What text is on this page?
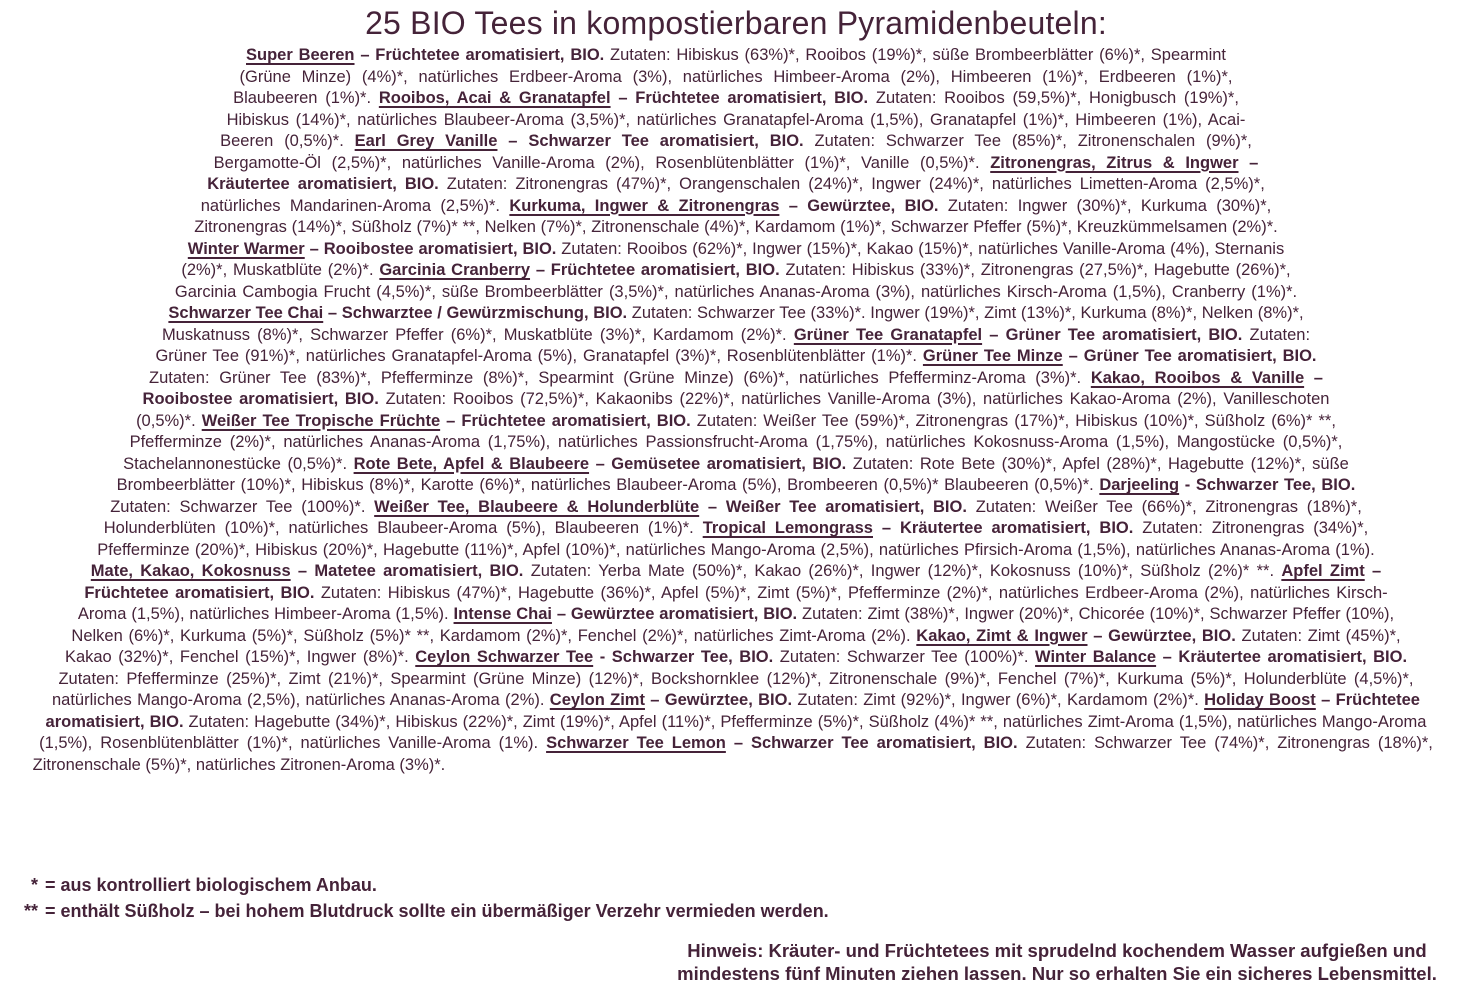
25 BIO Tees in kompostierbaren Pyramidenbeuteln:

Super Beeren – Früchtetee aromatisiert, BIO. Zutaten: Hibiskus (63%)*, Rooibos (19%)*, süße Brombeerblätter (6%)*, Spearmint (Grüne Minze) (4%)*, natürliches Erdbeer-Aroma (3%), natürliches Himbeer-Aroma (2%), Himbeeren (1%)*, Erdbeeren (1%)*, Blaubeeren (1%)*. Rooibos, Acai & Granatapfel – Früchtetee aromatisiert, BIO. Zutaten: Rooibos (59,5%)*, Honigbusch (19%)*, Hibiskus (14%)*, natürliches Blaubeer-Aroma (3,5%)*, natürliches Granatapfel-Aroma (1,5%), Granatapfel (1%)*, Himbeeren (1%), Acai-Beeren (0,5%)*. Earl Grey Vanille – Schwarzer Tee aromatisiert, BIO. Zutaten: Schwarzer Tee (85%)*, Zitronenschalen (9%)*, Bergamotte-Öl (2,5%)*, natürliches Vanille-Aroma (2%), Rosenblütenblätter (1%)*, Vanille (0,5%)*. Zitronengras, Zitrus & Ingwer – Kräutertee aromatisiert, BIO. Zutaten: Zitronengras (47%)*, Orangenschalen (24%)*, Ingwer (24%)*, natürliches Limetten-Aroma (2,5%)*, natürliches Mandarinen-Aroma (2,5%)*. Kurkuma, Ingwer & Zitronengras – Gewürztee, BIO. Zutaten: Ingwer (30%)*, Kurkuma (30%)*, Zitronengras (14%)*, Süßholz (7%)* **, Nelken (7%)*, Zitronenschale (4%)*, Kardamom (1%)*, Schwarzer Pfeffer (5%)*, Kreuzkümmelsamen (2%)*. Winter Warmer – Rooibostee aromatisiert, BIO. Zutaten: Rooibos (62%)*, Ingwer (15%)*, Kakao (15%)*, natürliches Vanille-Aroma (4%), Sternanis (2%)*, Muskatblüte (2%)*. Garcinia Cranberry – Früchtetee aromatisiert, BIO. Zutaten: Hibiskus (33%)*, Zitronengras (27,5%)*, Hagebutte (26%)*, Garcinia Cambogia Frucht (4,5%)*, süße Brombeerblätter (3,5%)*, natürliches Ananas-Aroma (3%), natürliches Kirsch-Aroma (1,5%), Cranberry (1%)*. Schwarzer Tee Chai – Schwarztee / Gewürzmischung, BIO. Zutaten: Schwarzer Tee (33%)*. Ingwer (19%)*, Zimt (13%)*, Kurkuma (8%)*, Nelken (8%)*, Muskatnuss (8%)*, Schwarzer Pfeffer (6%)*, Muskatblüte (3%)*, Kardamom (2%)*. Grüner Tee Granatapfel – Grüner Tee aromatisiert, BIO. Zutaten: Grüner Tee (91%)*, natürliches Granatapfel-Aroma (5%), Granatapfel (3%)*, Rosenblütenblätter (1%)*. Grüner Tee Minze – Grüner Tee aromatisiert, BIO. Zutaten: Grüner Tee (83%)*, Pfefferminze (8%)*, Spearmint (Grüne Minze) (6%)*, natürliches Pfefferminz-Aroma (3%)*. Kakao, Rooibos & Vanille – Rooibostee aromatisiert, BIO. Zutaten: Rooibos (72,5%)*, Kakaonibs (22%)*, natürliches Vanille-Aroma (3%), natürliches Kakao-Aroma (2%), Vanilleschoten (0,5%)*. Weißer Tee Tropische Früchte – Früchtetee aromatisiert, BIO. Zutaten: Weißer Tee (59%)*, Zitronengras (17%)*, Hibiskus (10%)*, Süßholz (6%)* **, Pfefferminze (2%)*, natürliches Ananas-Aroma (1,75%), natürliches Passionsfrucht-Aroma (1,75%), natürliches Kokosnuss-Aroma (1,5%), Mangostücke (0,5%)*, Stachelannonestücke (0,5%)*. Rote Bete, Apfel & Blaubeere – Gemüsetee aromatisiert, BIO. Zutaten: Rote Bete (30%)*, Apfel (28%)*, Hagebutte (12%)*, süße Brombeerblätter (10%)*, Hibiskus (8%)*, Karotte (6%)*, natürliches Blaubeer-Aroma (5%), Brombeeren (0,5%)* Blaubeeren (0,5%)*. Darjeeling - Schwarzer Tee, BIO. Zutaten: Schwarzer Tee (100%)*. Weißer Tee, Blaubeere & Holunderblüte – Weißer Tee aromatisiert, BIO. Zutaten: Weißer Tee (66%)*, Zitronengras (18%)*, Holunderblüten (10%)*, natürliches Blaubeer-Aroma (5%), Blaubeeren (1%)*. Tropical Lemongrass – Kräutertee aromatisiert, BIO. Zutaten: Zitronengras (34%)*, Pfefferminze (20%)*, Hibiskus (20%)*, Hagebutte (11%)*, Apfel (10%)*, natürliches Mango-Aroma (2,5%), natürliches Pfirsich-Aroma (1,5%), natürliches Ananas-Aroma (1%). Mate, Kakao, Kokosnuss – Matetee aromatisiert, BIO. Zutaten: Yerba Mate (50%)*, Kakao (26%)*, Ingwer (12%)*, Kokosnuss (10%)*, Süßholz (2%)* **. Apfel Zimt – Früchtetee aromatisiert, BIO. Zutaten: Hibiskus (47%)*, Hagebutte (36%)*, Apfel (5%)*, Zimt (5%)*, Pfefferminze (2%)*, natürliches Erdbeer-Aroma (2%), natürliches Kirsch-Aroma (1,5%), natürliches Himbeer-Aroma (1,5%). Intense Chai – Gewürztee aromatisiert, BIO. Zutaten: Zimt (38%)*, Ingwer (20%)*, Chicorée (10%)*, Schwarzer Pfeffer (10%), Nelken (6%)*, Kurkuma (5%)*, Süßholz (5%)* **, Kardamom (2%)*, Fenchel (2%)*, natürliches Zimt-Aroma (2%). Kakao, Zimt & Ingwer – Gewürztee, BIO. Zutaten: Zimt (45%)*, Kakao (32%)*, Fenchel (15%)*, Ingwer (8%)*. Ceylon Schwarzer Tee - Schwarzer Tee, BIO. Zutaten: Schwarzer Tee (100%)*. Winter Balance – Kräutertee aromatisiert, BIO. Zutaten: Pfefferminze (25%)*, Zimt (21%)*, Spearmint (Grüne Minze) (12%)*, Bockshornklee (12%)*, Zitronenschale (9%)*, Fenchel (7%)*, Kurkuma (5%)*, Holunderblüte (4,5%)*, natürliches Mango-Aroma (2,5%), natürliches Ananas-Aroma (2%). Ceylon Zimt – Gewürztee, BIO. Zutaten: Zimt (92%)*, Ingwer (6%)*, Kardamom (2%)*. Holiday Boost – Früchtetee aromatisiert, BIO. Zutaten: Hagebutte (34%)*, Hibiskus (22%)*, Zimt (19%)*, Apfel (11%)*, Pfefferminze (5%)*, Süßholz (4%)* **, natürliches Zimt-Aroma (1,5%), natürliches Mango-Aroma (1,5%), Rosenblütenblätter (1%)*, natürliches Vanille-Aroma (1%). Schwarzer Tee Lemon – Schwarzer Tee aromatisiert, BIO. Zutaten: Schwarzer Tee (74%)*, Zitronengras (18%)*, Zitronenschale (5%)*, natürliches Zitronen-Aroma (3%)*.

* = aus kontrolliert biologischem Anbau.
** = enthält Süßholz – bei hohem Blutdruck sollte ein übermäßiger Verzehr vermieden werden.
Hinweis: Kräuter- und Früchtetees mit sprudelnd kochendem Wasser aufgießen und mindestens fünf Minuten ziehen lassen. Nur so erhalten Sie ein sicheres Lebensmittel.
